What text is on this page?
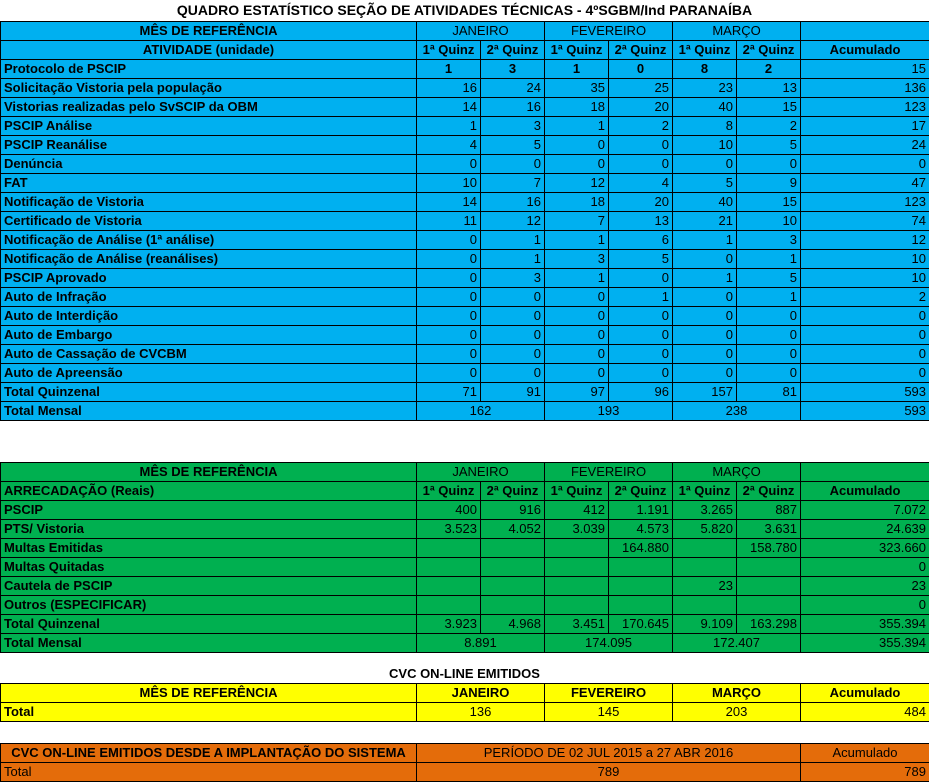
QUADRO ESTATÍSTICO SEÇÃO DE ATIVIDADES TÉCNICAS - 4ºSGBM/Ind PARANAÍBA
MÊS DE REFERÊNCIA	JANEIRO		FEVEREIRO		MARÇO		
ATIVIDADE (unidade)	1ª Quinz	2ª Quinz	1ª Quinz	2ª Quinz	1ª Quinz	2ª Quinz	Acumulado
Protocolo de PSCIP	1	3	1	0	8	2	15
Solicitação Vistoria pela população	16	24	35	25	23	13	136
Vistorias realizadas pelo SvSCIP da OBM	14	16	18	20	40	15	123
PSCIP Análise	1	3	1	2	8	2	17
PSCIP Reanálise	4	5	0	0	10	5	24
Denúncia	0	0	0	0	0	0	0
FAT	10	7	12	4	5	9	47
Notificação de Vistoria	14	16	18	20	40	15	123
Certificado de Vistoria	11	12	7	13	21	10	74
Notificação de Análise (1ª análise)	0	1	1	6	1	3	12
Notificação de Análise (reanálises)	0	1	3	5	0	1	10
PSCIP Aprovado	0	3	1	0	1	5	10
Auto de Infração	0	0	0	1	0	1	2
Auto de Interdição	0	0	0	0	0	0	0
Auto de Embargo	0	0	0	0	0	0	0
Auto de Cassação de CVCBM	0	0	0	0	0	0	0
Auto de Apreensão	0	0	0	0	0	0	0
Total Quinzenal	71	91	97	96	157	81	593
Total Mensal	162		193		238		593
MÊS DE REFERÊNCIA	JANEIRO		FEVEREIRO		MARÇO		
ARRECADAÇÃO (Reais)	1ª Quinz	2ª Quinz	1ª Quinz	2ª Quinz	1ª Quinz	2ª Quinz	Acumulado
PSCIP	400	916	412	1.191	3.265	887	7.072
PTS/ Vistoria	3.523	4.052	3.039	4.573	5.820	3.631	24.639
Multas Emitidas				164.880		158.780	323.660
Multas Quitadas							0
Cautela de PSCIP					23		23
Outros (ESPECIFICAR)							0
Total Quinzenal	3.923	4.968	3.451	170.645	9.109	163.298	355.394
Total Mensal	8.891		174.095		172.407		355.394
CVC ON-LINE EMITIDOS
MÊS DE REFERÊNCIA	JANEIRO	FEVEREIRO	MARÇO	Acumulado
Total	136	145	203	484
CVC ON-LINE EMITIDOS DESDE A IMPLANTAÇÃO DO SISTEMA	PERÍODO DE 02 JUL 2015 a 27 ABR 2016	Acumulado
Total	789	789
